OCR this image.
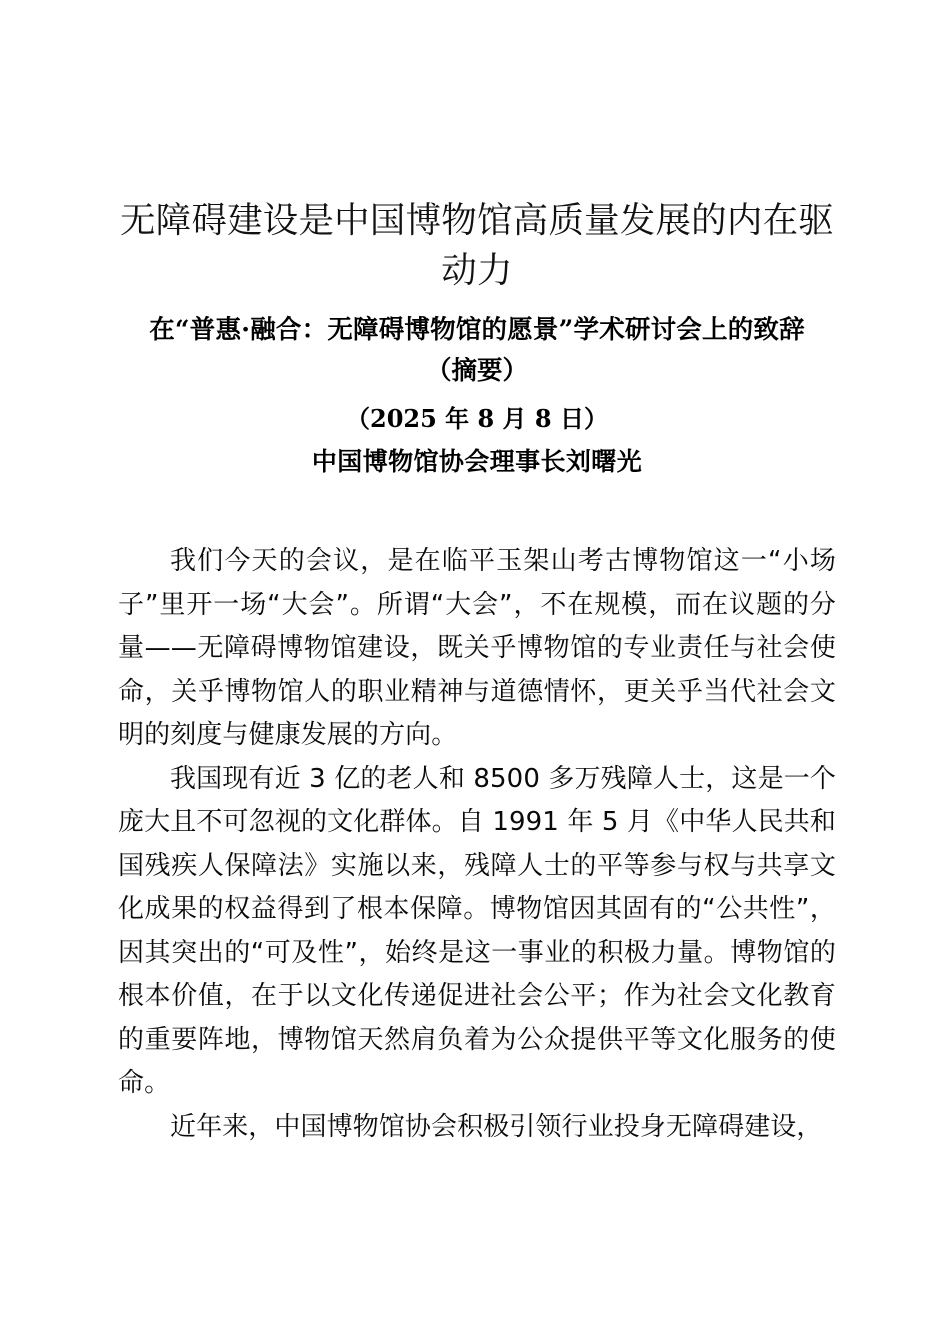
无障碍建设是中国博物馆高质量发展的内在驱动力
在“普惠·融合：无障碍博物馆的愿景”学术研讨会上的致辞

（摘要）

（2025 年 8 月 8 日）

中国博物馆协会理事长刘曙光

我们今天的会议，是在临平玉架山考古博物馆这一“小场子”里开一场“大会”。所谓“大会”，不在规模，而在议题的分量——无障碍博物馆建设，既关乎博物馆的专业责任与社会使命，关乎博物馆人的职业精神与道德情怀，更关乎当代社会文明的刻度与健康发展的方向。

我国现有近 3 亿的老人和 8500 多万残障人士，这是一个庞大且不可忽视的文化群体。自 1991 年 5 月《中华人民共和国残疾人保障法》实施以来，残障人士的平等参与权与共享文化成果的权益得到了根本保障。博物馆因其固有的“公共性”，因其突出的“可及性”，始终是这一事业的积极力量。博物馆的根本价值，在于以文化传递促进社会公平；作为社会文化教育的重要阵地，博物馆天然肩负着为公众提供平等文化服务的使命。

近年来，中国博物馆协会积极引领行业投身无障碍建设，
